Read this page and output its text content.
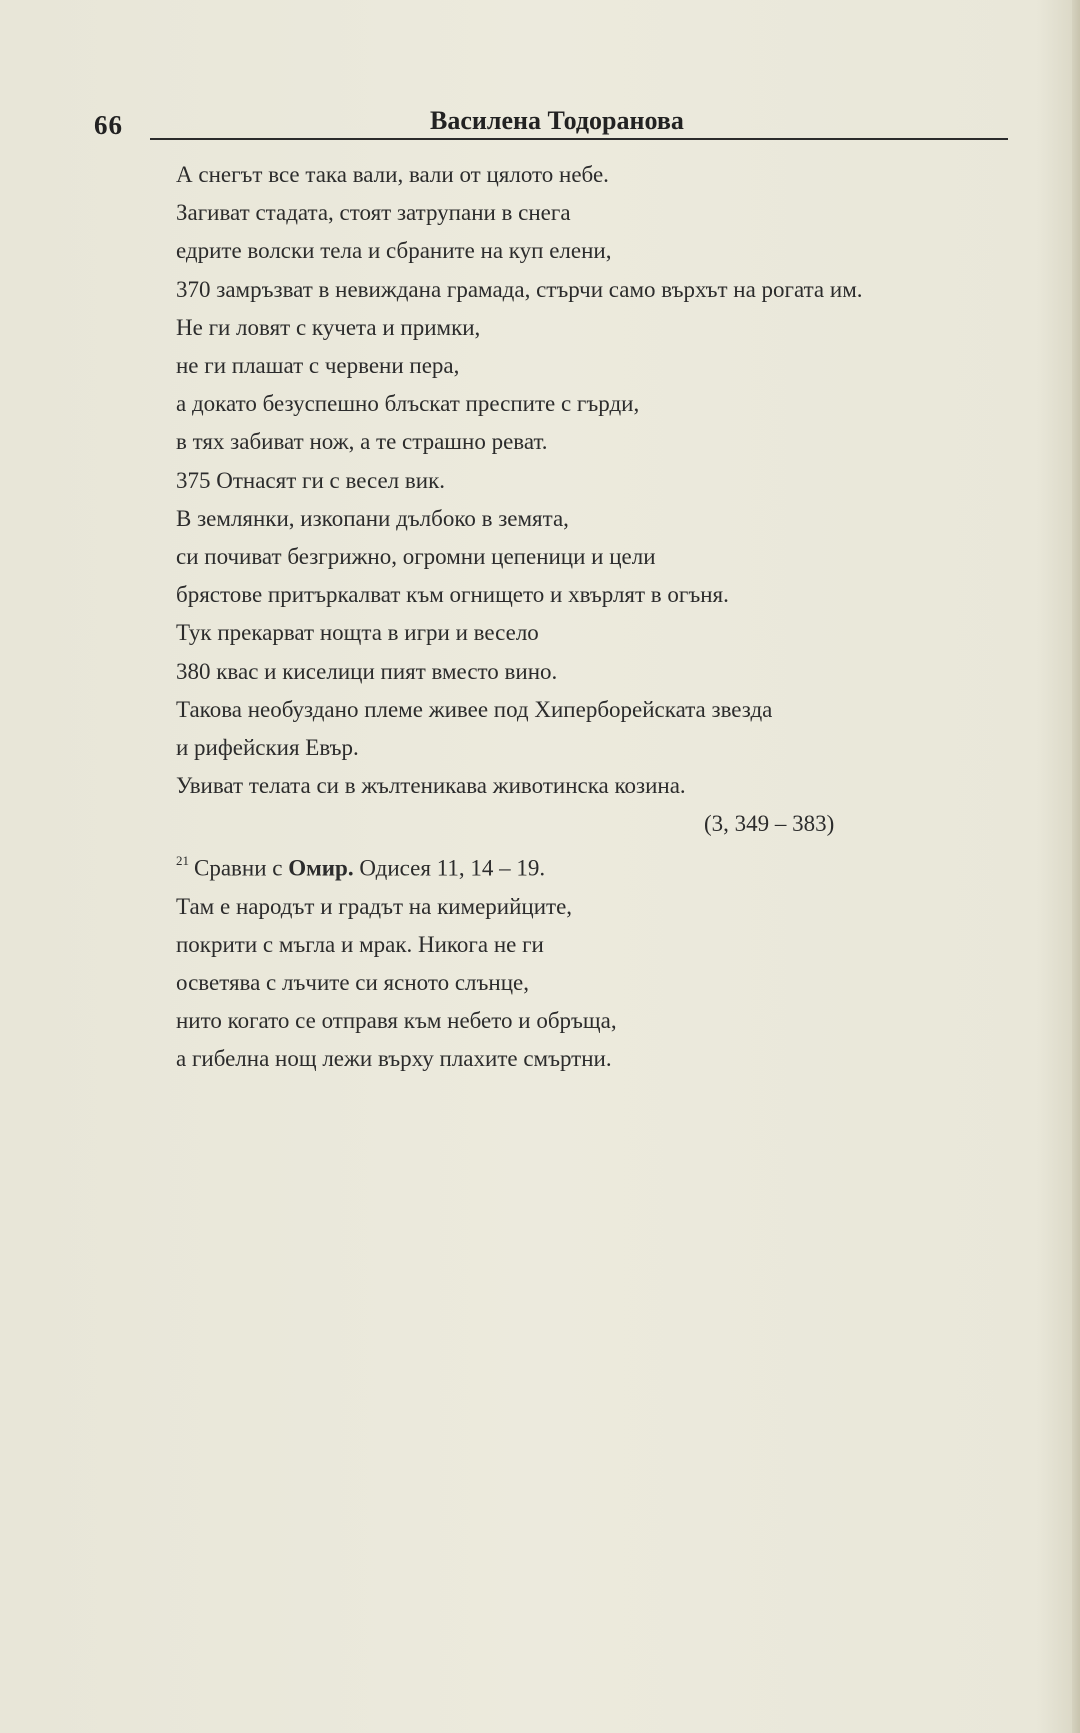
66	Василена Тодоранова
А снегът все така вали, вали от цялото небе.
Загиват стадата, стоят затрупани в снега
едрите волски тела и сбраните на куп елени,
370 замръзват в невиждана грамада, стърчи само върхът на рогата им.
Не ги ловят с кучета и примки,
не ги плашат с червени пера,
а докато безуспешно блъскат преспите с гърди,
в тях забиват нож, а те страшно реват.
375 Отнасят ги с весел вик.
В землянки, изкопани дълбоко в земята,
си почиват безгрижно, огромни цепеници и цели
брястове притъркалват към огнището и хвърлят в огъня.
Тук прекарват нощта в игри и весело
380 квас и киселици пият вместо вино.
Такова необуздано племе живее под Хиперборейската звезда
и рифейския Евър.
Увиват телата си в жълтеникава животинска козина.
(3, 349 – 383)
$^{21}$ Сравни с Омир. Одисея 11, 14 – 19.
Там е народът и градът на кимерийците,
покрити с мъгла и мрак. Никога не ги
осветява с лъчите си ясното слънце,
нито когато се отправя към небето и обръща,
а гибелна нощ лежи върху плахите смъртни.
